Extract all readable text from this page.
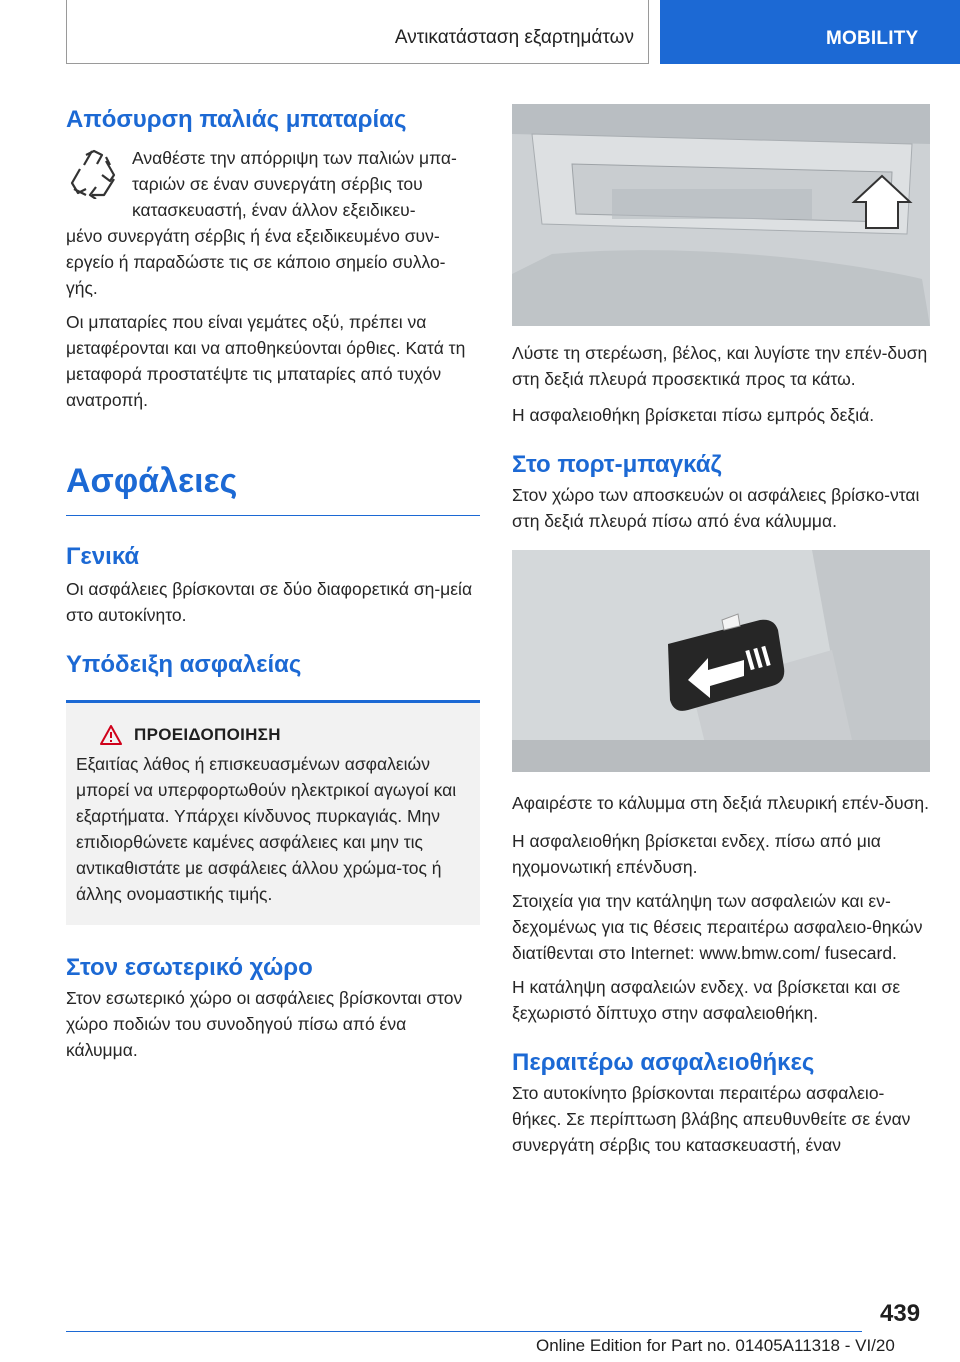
Αντικατάσταση εξαρτημάτων	MOBILITY
Απόσυρση παλιάς μπαταρίας

Αναθέστε την απόρριψη των παλιών μπα-

ταριών σε έναν συνεργάτη σέρβις του

κατασκευαστή, έναν άλλον εξειδικευ-

μένο συνεργάτη σέρβις ή ένα εξειδικευμένο συν-

εργείο ή παραδώστε τις σε κάποιο σημείο συλλο-

γής.

Οι μπαταρίες που είναι γεμάτες οξύ, πρέπει να μεταφέρονται και να αποθηκεύονται όρθιες. Κατά τη μεταφορά προστατέψτε τις μπαταρίες από τυχόν ανατροπή.

Ασφάλειες
Γενικά

Οι ασφάλειες βρίσκονται σε δύο διαφορετικά ση-μεία στο αυτοκίνητο.

Υπόδειξη ασφαλείας
ΠΡΟΕΙΔΟΠΟΙΗΣΗ

Εξαιτίας λάθος ή επισκευασμένων ασφαλειών μπορεί να υπερφορτωθούν ηλεκτρικοί αγωγοί και εξαρτήματα. Υπάρχει κίνδυνος πυρκαγιάς. Μην επιδιορθώνετε καμένες ασφάλειες και μην τις αντικαθιστάτε με ασφάλειες άλλου χρώμα-τος ή άλλης ονομαστικής τιμής.

Στον εσωτερικό χώρο

Στον εσωτερικό χώρο οι ασφάλειες βρίσκονται στον χώρο ποδιών του συνοδηγού πίσω από ένα κάλυμμα.

Λύστε τη στερέωση, βέλος, και λυγίστε την επέν-δυση στη δεξιά πλευρά προσεκτικά προς τα κάτω.

Η ασφαλειοθήκη βρίσκεται πίσω εμπρός δεξιά.

Στο πορτ-μπαγκάζ

Στον χώρο των αποσκευών οι ασφάλειες βρίσκο-νται στη δεξιά πλευρά πίσω από ένα κάλυμμα.

Αφαιρέστε το κάλυμμα στη δεξιά πλευρική επέν-δυση.

Η ασφαλειοθήκη βρίσκεται ενδεχ. πίσω από μια ηχομονωτική επένδυση.

Στοιχεία για την κατάληψη των ασφαλειών και εν-δεχομένως για τις θέσεις περαιτέρω ασφαλειο-θηκών διατίθενται στο Internet: www.bmw.com/ fusecard.

Η κατάληψη ασφαλειών ενδεχ. να βρίσκεται και σε ξεχωριστό δίπτυχο στην ασφαλειοθήκη.

Περαιτέρω ασφαλειοθήκες

Στο αυτοκίνητο βρίσκονται περαιτέρω ασφαλειο-θήκες. Σε περίπτωση βλάβης απευθυνθείτε σε έναν συνεργάτη σέρβις του κατασκευαστή, έναν

439
Online Edition for Part no. 01405A11318 - VI/20
